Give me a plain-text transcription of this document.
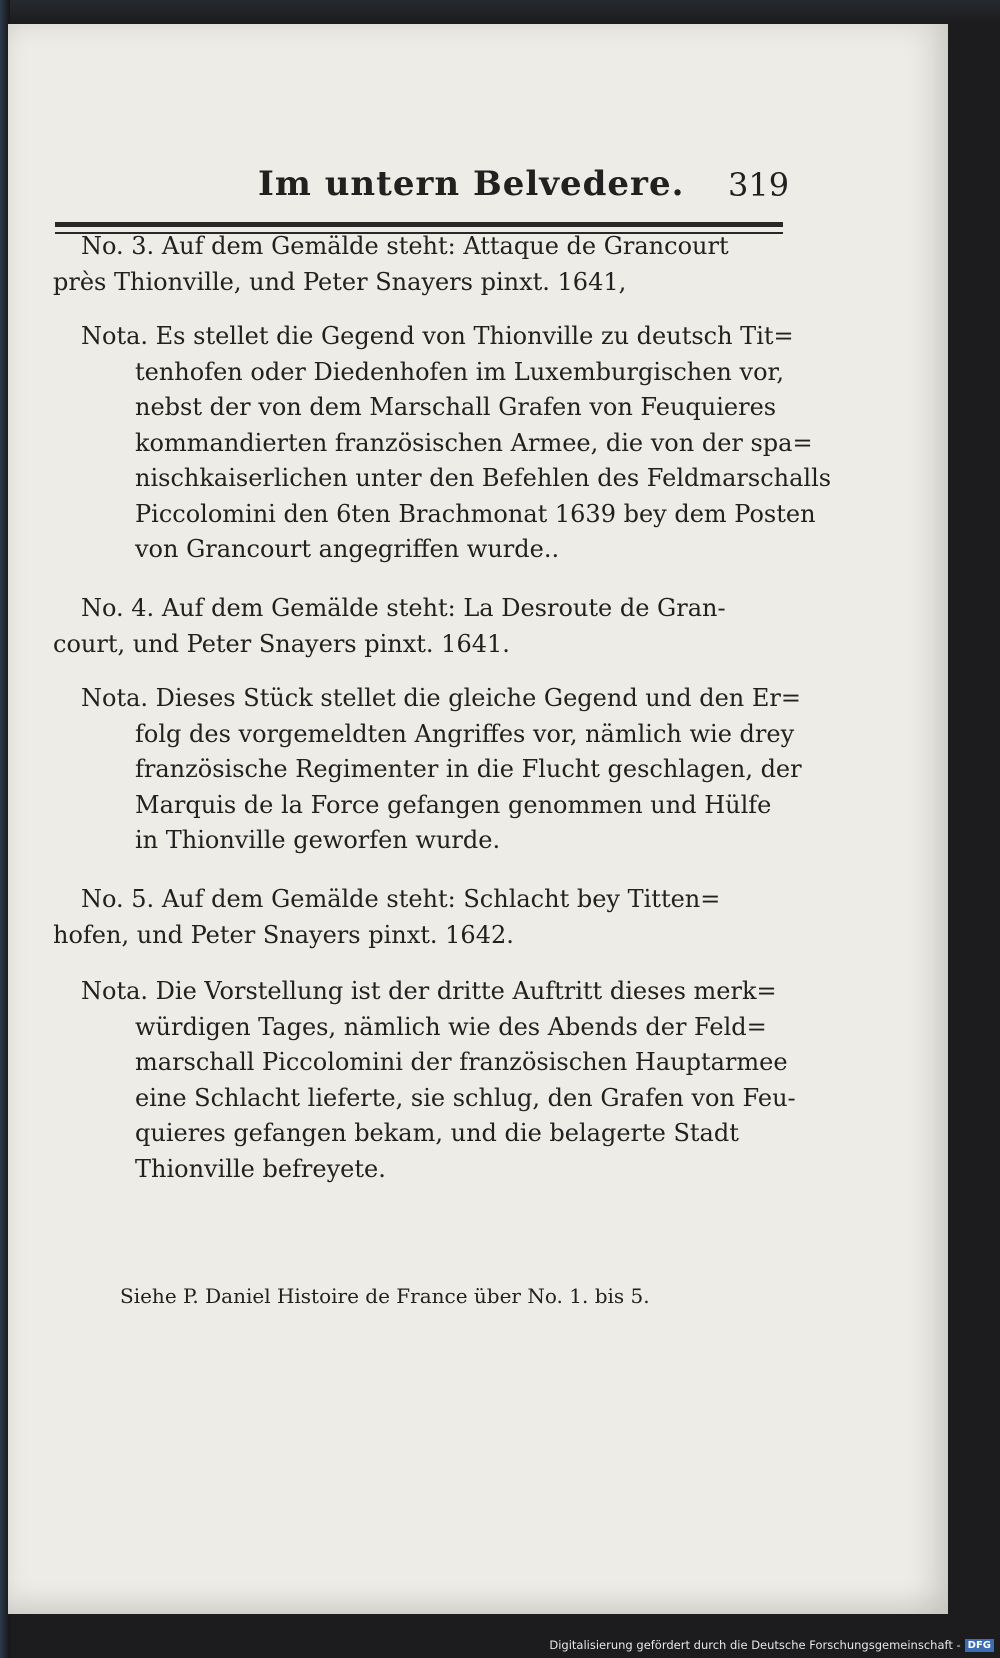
Im untern Belvedere. 319
No. 3. Auf dem Gemälde steht: Attaque de Grancourt
près Thionville, und Peter Snayers pinxt. 1641,
Nota. Es stellet die Gegend von Thionville zu deutsch Tit=
tenhofen oder Diedenhofen im Luxemburgischen vor,
nebst der von dem Marschall Grafen von Feuquieres
kommandierten französischen Armee, die von der spa=
nischkaiserlichen unter den Befehlen des Feldmarschalls
Piccolomini den 6ten Brachmonat 1639 bey dem Posten
von Grancourt angegriffen wurde..
No. 4. Auf dem Gemälde steht: La Desroute de Gran-
court, und Peter Snayers pinxt. 1641.
Nota. Dieses Stück stellet die gleiche Gegend und den Er=
folg des vorgemeldten Angriffes vor, nämlich wie drey
französische Regimenter in die Flucht geschlagen, der
Marquis de la Force gefangen genommen und Hülfe
in Thionville geworfen wurde.
No. 5. Auf dem Gemälde steht: Schlacht bey Titten=
hofen, und Peter Snayers pinxt. 1642.
Nota. Die Vorstellung ist der dritte Auftritt dieses merk=
würdigen Tages, nämlich wie des Abends der Feld=
marschall Piccolomini der französischen Hauptarmee
eine Schlacht lieferte, sie schlug, den Grafen von Feu-
quieres gefangen bekam, und die belagerte Stadt
Thionville befreyete.
Siehe P. Daniel Histoire de France über No. 1. bis 5.
Digitalisierung gefördert durch die Deutsche Forschungsgemeinschaft - DFG
